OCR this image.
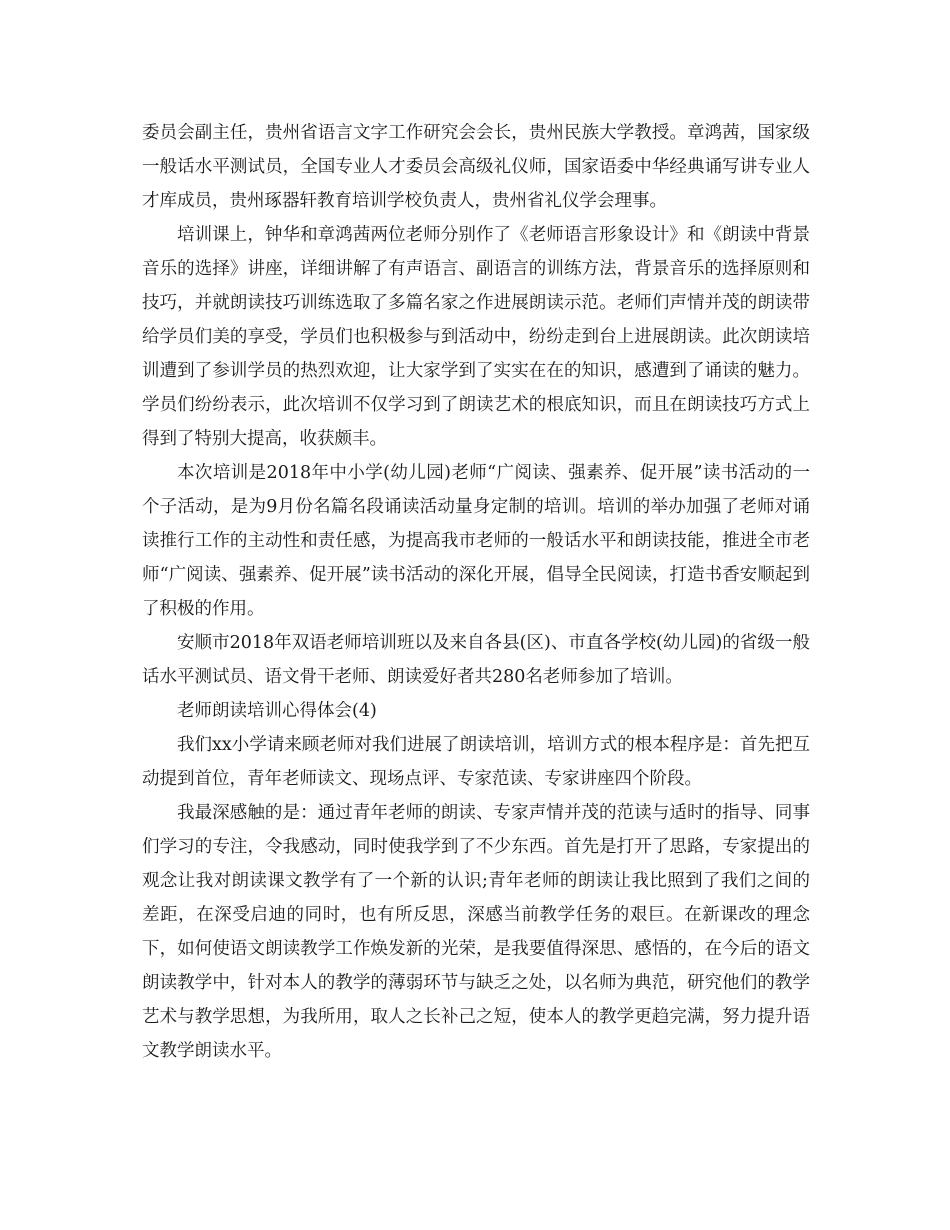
委员会副主任，贵州省语言文字工作研究会会长，贵州民族大学教授。章鸿茜，国家级一般话水平测试员，全国专业人才委员会高级礼仪师，国家语委中华经典诵写讲专业人才库成员，贵州琢器轩教育培训学校负责人，贵州省礼仪学会理事。

培训课上，钟华和章鸿茜两位老师分别作了《老师语言形象设计》和《朗读中背景音乐的选择》讲座，详细讲解了有声语言、副语言的训练方法，背景音乐的选择原则和技巧，并就朗读技巧训练选取了多篇名家之作进展朗读示范。老师们声情并茂的朗读带给学员们美的享受，学员们也积极参与到活动中，纷纷走到台上进展朗读。此次朗读培训遭到了参训学员的热烈欢迎，让大家学到了实实在在的知识，感遭到了诵读的魅力。学员们纷纷表示，此次培训不仅学习到了朗读艺术的根底知识，而且在朗读技巧方式上得到了特别大提高，收获颇丰。

本次培训是2018年中小学(幼儿园)老师“广阅读、强素养、促开展”读书活动的一个子活动，是为9月份名篇名段诵读活动量身定制的培训。培训的举办加强了老师对诵读推行工作的主动性和责任感，为提高我市老师的一般话水平和朗读技能，推进全市老师“广阅读、强素养、促开展”读书活动的深化开展，倡导全民阅读，打造书香安顺起到了积极的作用。

安顺市2018年双语老师培训班以及来自各县(区)、市直各学校(幼儿园)的省级一般话水平测试员、语文骨干老师、朗读爱好者共280名老师参加了培训。

老师朗读培训心得体会(4)

我们xx小学请来顾老师对我们进展了朗读培训，培训方式的根本程序是：首先把互动提到首位，青年老师读文、现场点评、专家范读、专家讲座四个阶段。

我最深感触的是：通过青年老师的朗读、专家声情并茂的范读与适时的指导、同事们学习的专注，令我感动，同时使我学到了不少东西。首先是打开了思路，专家提出的观念让我对朗读课文教学有了一个新的认识;青年老师的朗读让我比照到了我们之间的差距，在深受启迪的同时，也有所反思，深感当前教学任务的艰巨。在新课改的理念下，如何使语文朗读教学工作焕发新的光荣，是我要值得深思、感悟的，在今后的语文朗读教学中，针对本人的教学的薄弱环节与缺乏之处，以名师为典范，研究他们的教学艺术与教学思想，为我所用，取人之长补己之短，使本人的教学更趋完满，努力提升语文教学朗读水平。
